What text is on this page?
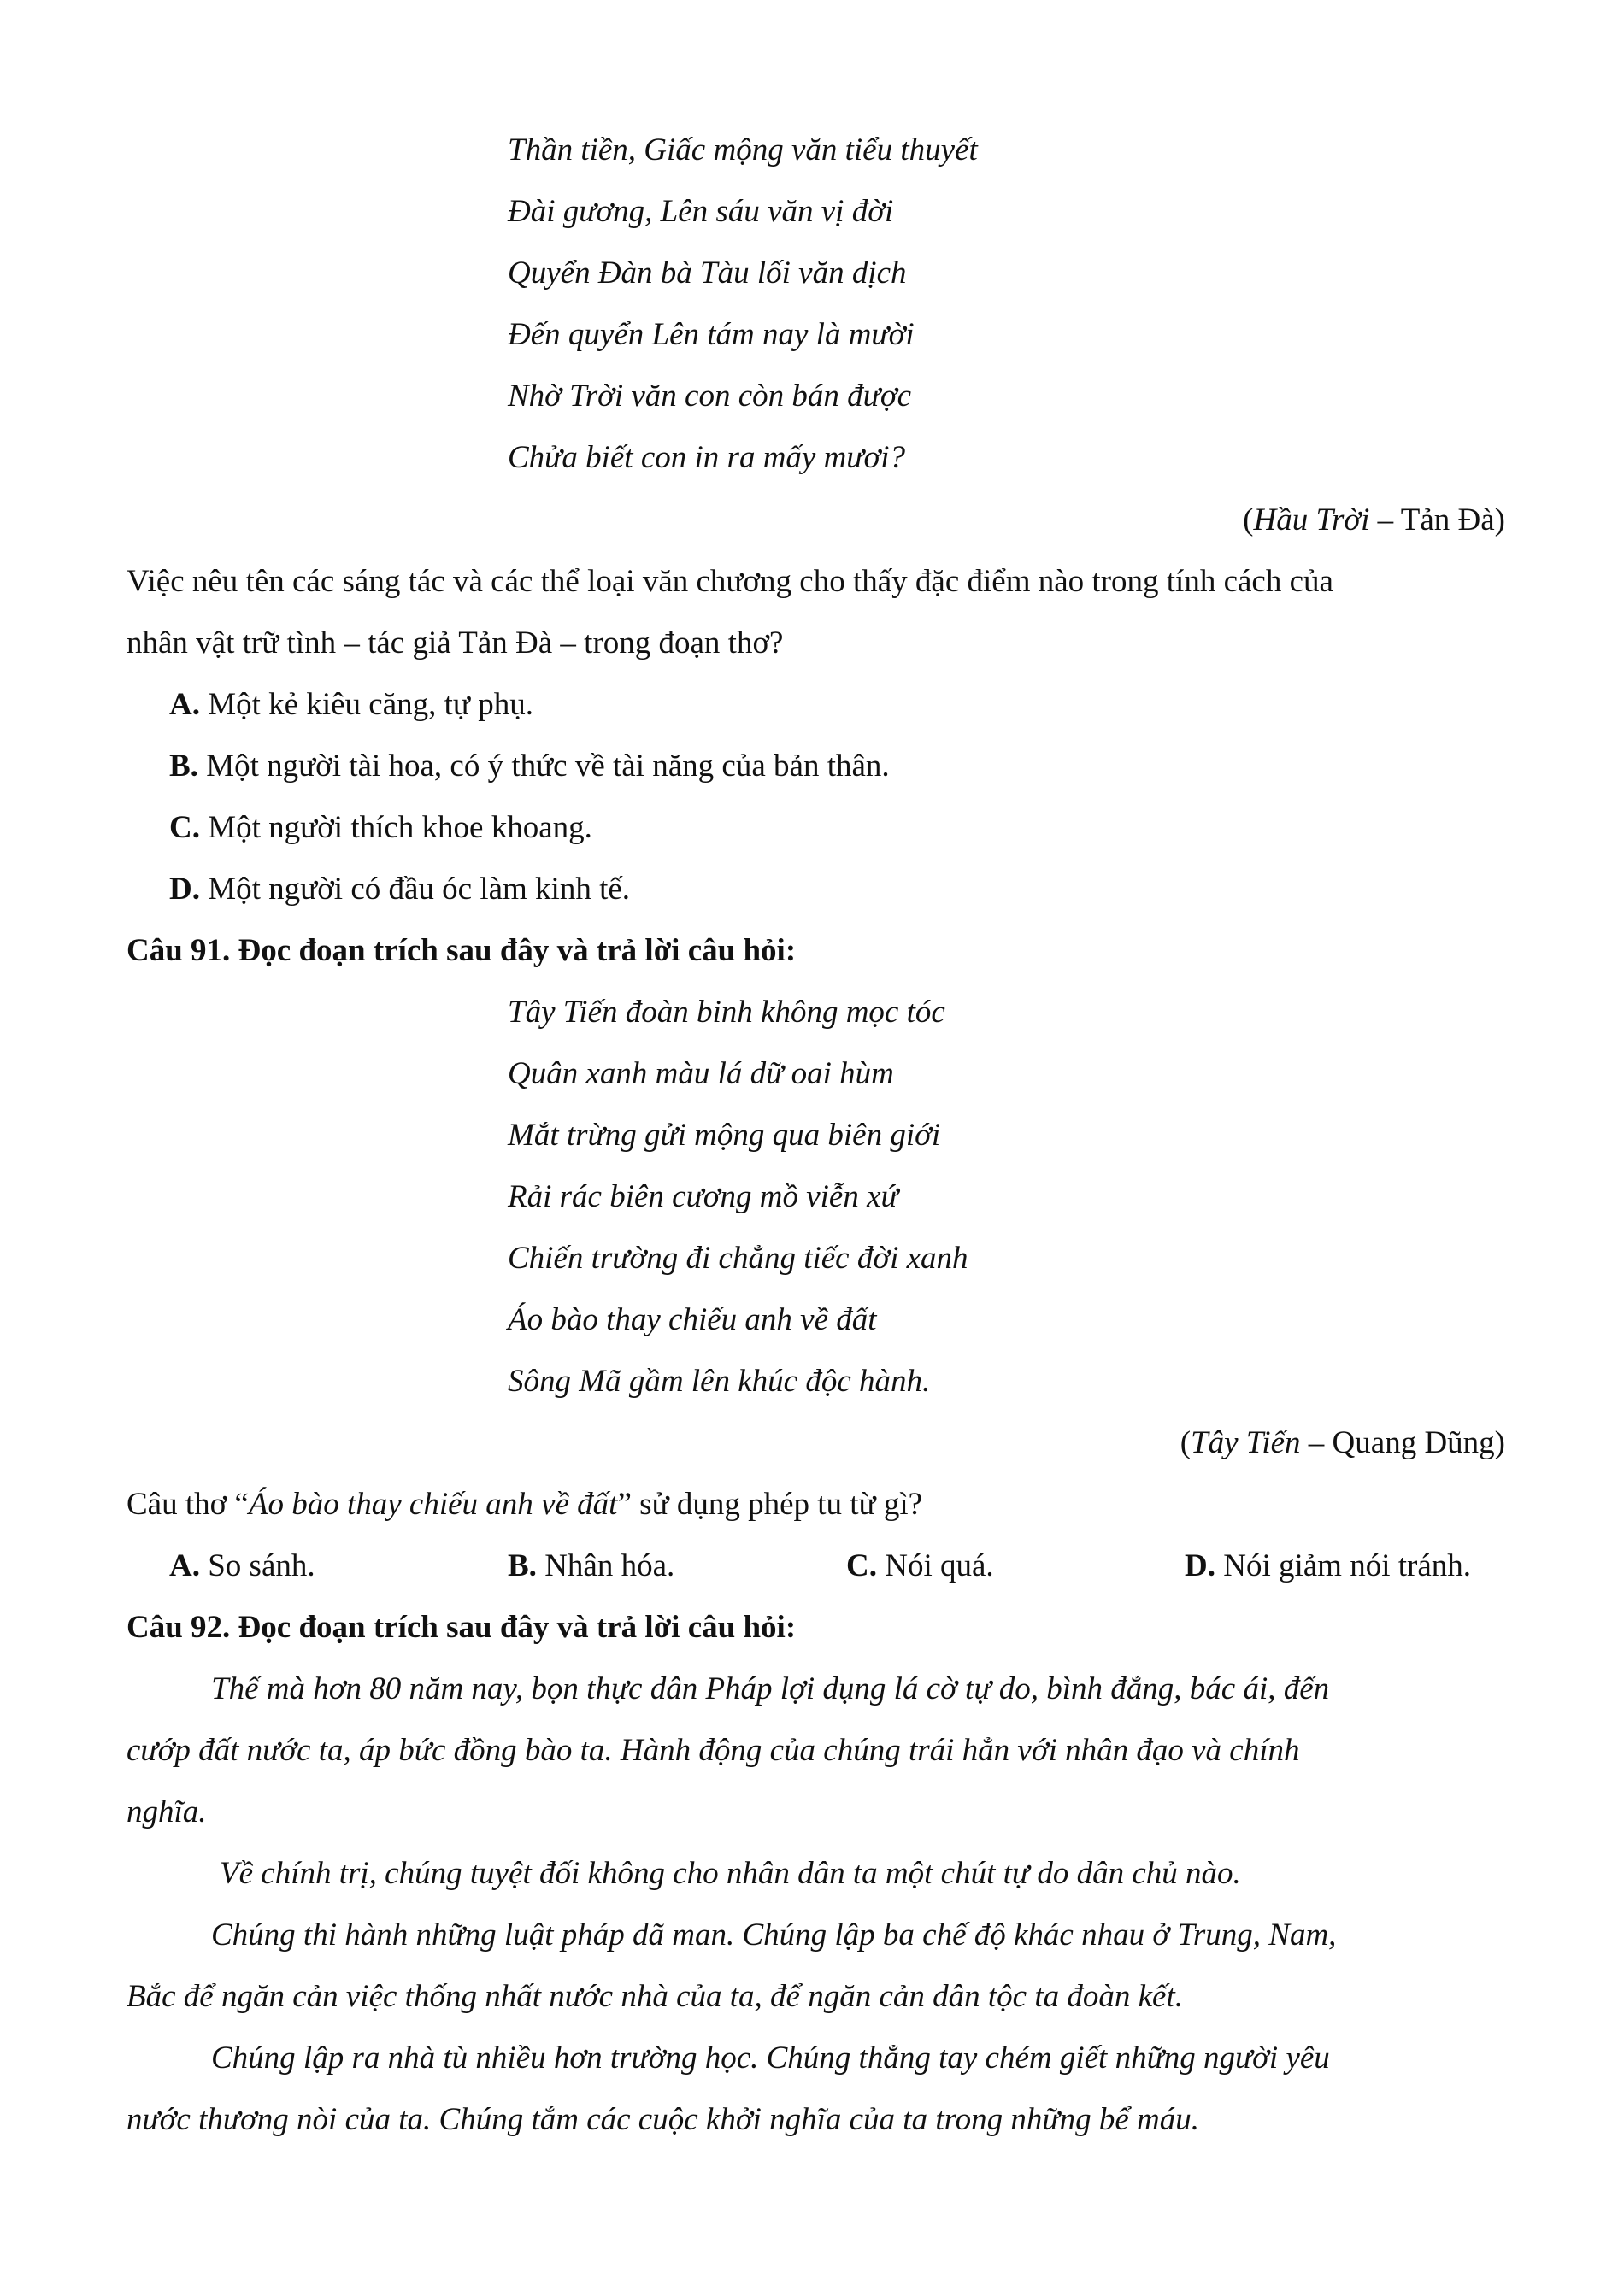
Thần tiền, Giấc mộng văn tiểu thuyết
Đài gương, Lên sáu văn vị đời
Quyển Đàn bà Tàu lối văn dịch
Đến quyển Lên tám nay là mười
Nhờ Trời văn con còn bán được
Chửa biết con in ra mấy mươi?
(Hầu Trời – Tản Đà)
Việc nêu tên các sáng tác và các thể loại văn chương cho thấy đặc điểm nào trong tính cách của
nhân vật trữ tình – tác giả Tản Đà – trong đoạn thơ?
A. Một kẻ kiêu căng, tự phụ.
B. Một người tài hoa, có ý thức về tài năng của bản thân.
C. Một người thích khoe khoang.
D. Một người có đầu óc làm kinh tế.
Câu 91. Đọc đoạn trích sau đây và trả lời câu hỏi:
Tây Tiến đoàn binh không mọc tóc
Quân xanh màu lá dữ oai hùm
Mắt trừng gửi mộng qua biên giới
Rải rác biên cương mồ viễn xứ
Chiến trường đi chẳng tiếc đời xanh
Áo bào thay chiếu anh về đất
Sông Mã gầm lên khúc độc hành.
(Tây Tiến – Quang Dũng)
Câu thơ “Áo bào thay chiếu anh về đất” sử dụng phép tu từ gì?
A. So sánh.	B. Nhân hóa.	C. Nói quá.	D. Nói giảm nói tránh.
Câu 92. Đọc đoạn trích sau đây và trả lời câu hỏi:
Thế mà hơn 80 năm nay, bọn thực dân Pháp lợi dụng lá cờ tự do, bình đẳng, bác ái, đến
cướp đất nước ta, áp bức đồng bào ta. Hành động của chúng trái hẳn với nhân đạo và chính
nghĩa.
Về chính trị, chúng tuyệt đối không cho nhân dân ta một chút tự do dân chủ nào.
Chúng thi hành những luật pháp dã man. Chúng lập ba chế độ khác nhau ở Trung, Nam,
Bắc để ngăn cản việc thống nhất nước nhà của ta, để ngăn cản dân tộc ta đoàn kết.
Chúng lập ra nhà tù nhiều hơn trường học. Chúng thẳng tay chém giết những người yêu
nước thương nòi của ta. Chúng tắm các cuộc khởi nghĩa của ta trong những bể máu.
